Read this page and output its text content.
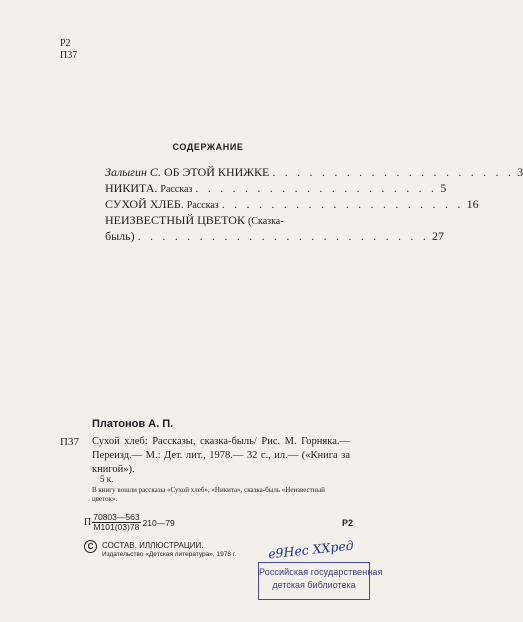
Р2
П37
СОДЕРЖАНИЕ
Залыгин С. ОБ ЭТОЙ КНИЖКЕ . . . . . . . . . . . . . . . . . . . . 3
НИКИТА. Рассказ . . . . . . . . . . . . . . . . . . . . 5
СУХОЙ ХЛЕБ. Рассказ . . . . . . . . . . . . . . . . . . . . 16
НЕИЗВЕСТНЫЙ ЦВЕТОК (Сказка-
быль) . . . . . . . . . . . . . . . . . . . . . . . . 27
Платонов А. П.
П37 Сухой хлеб: Рассказы, сказка-быль/ Рис. М. Горняка.— Переизд.— М.: Дет. лит., 1978.— 32 с., ил.— («Книга за книгой»).
5 к.
В книгу вошли рассказы «Сухой хлеб», «Никита», сказка-быль «Неизвестный цветок».
П $\frac{70803—563}{М101(03)78}$ 210—79	Р2
С	СОСТАВ. ИЛЛЮСТРАЦИИ.
Издательство «Детская литература», 1978 г.	e9Hec XXред
Российская государственная
детская библиотека
